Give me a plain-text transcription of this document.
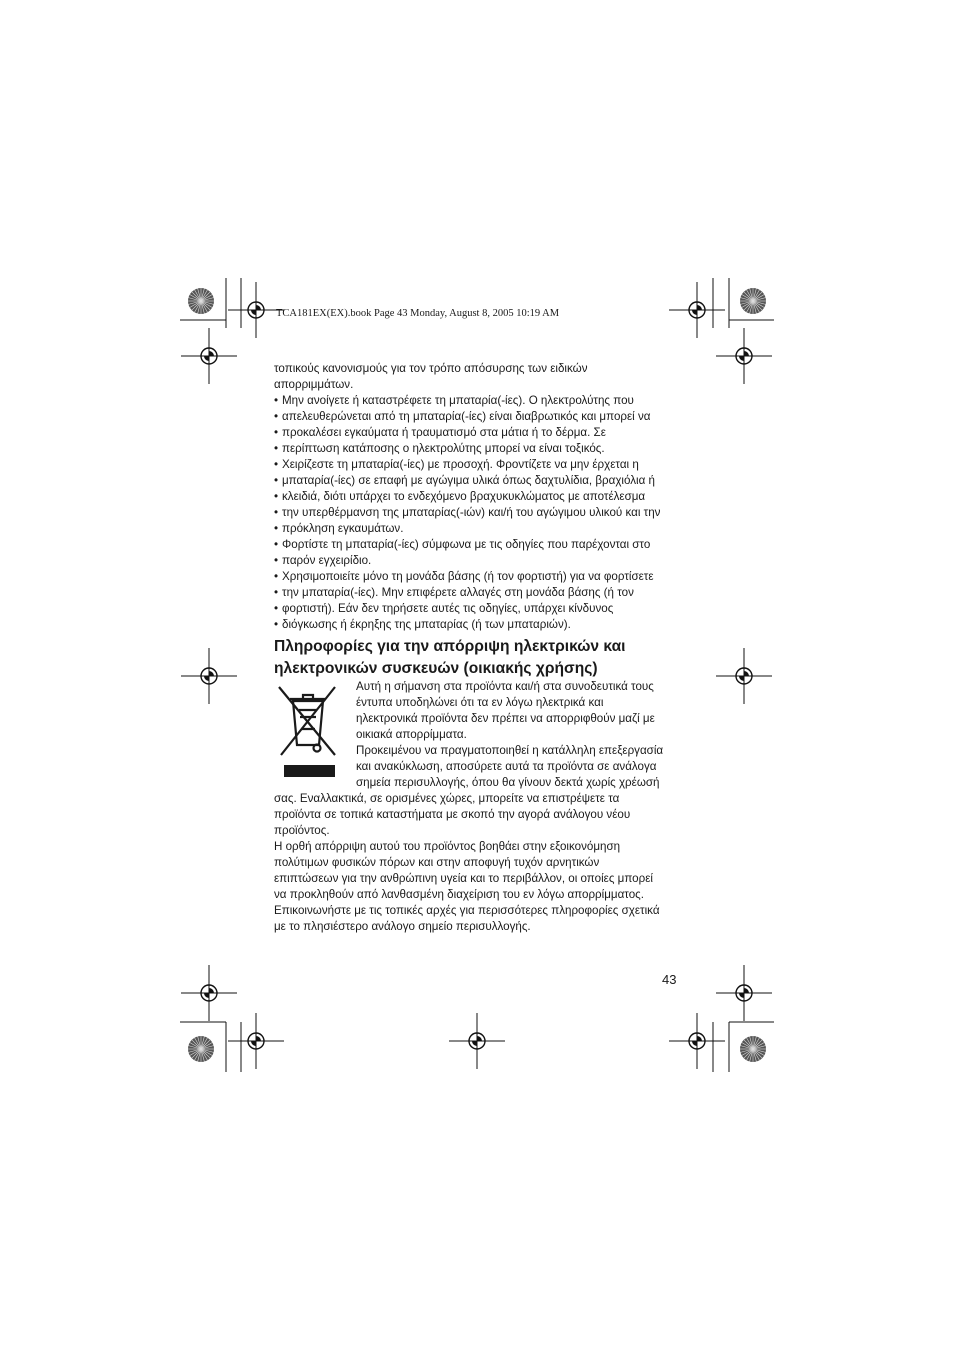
TCA181EX(EX).book Page 43 Monday, August 8, 2005 10:19 AM

τοπικούς κανονισμούς για τον τρόπο απόσυρσης των ειδικών

απορριμμάτων.

• Μην ανοίγετε ή καταστρέφετε τη μπαταρία(-ίες). Ο ηλεκτρολύτης που

• απελευθερώνεται από τη μπαταρία(-ίες) είναι διαβρωτικός και μπορεί να

• προκαλέσει εγκαύματα ή τραυματισμό στα μάτια ή το δέρμα. Σε

• περίπτωση κατάποσης ο ηλεκτρολύτης μπορεί να είναι τοξικός.

• Χειρίζεστε τη μπαταρία(-ίες) με προσοχή. Φροντίζετε να μην έρχεται η

• μπαταρία(-ίες) σε επαφή με αγώγιμα υλικά όπως δαχτυλίδια, βραχιόλια ή

• κλειδιά, διότι υπάρχει το ενδεχόμενο βραχυκυκλώματος με αποτέλεσμα

• την υπερθέρμανση της μπαταρίας(-ιών) και/ή του αγώγιμου υλικού και την

• πρόκληση εγκαυμάτων.

• Φορτίστε τη μπαταρία(-ίες) σύμφωνα με τις οδηγίες που παρέχονται στο

• παρόν εγχειρίδιο.

• Χρησιμοποιείτε μόνο τη μονάδα βάσης (ή τον φορτιστή) για να φορτίσετε

• την μπαταρία(-ίες). Μην επιφέρετε αλλαγές στη μονάδα βάσης (ή τον

• φορτιστή). Εάν δεν τηρήσετε αυτές τις οδηγίες, υπάρχει κίνδυνος

• διόγκωσης ή έκρηξης της μπαταρίας (ή των μπαταριών).

Πληροφορίες για την απόρριψη ηλεκτρικών και

ηλεκτρονικών συσκευών (οικιακής χρήσης)

Αυτή η σήμανση στα προϊόντα και/ή στα συνοδευτικά τους

έντυπα υποδηλώνει ότι τα εν λόγω ηλεκτρικά και

ηλεκτρονικά προϊόντα δεν πρέπει να απορριφθούν μαζί με

οικιακά απορρίμματα.

Προκειμένου να πραγματοποιηθεί η κατάλληλη επεξεργασία

και ανακύκλωση, αποσύρετε αυτά τα προϊόντα σε ανάλογα

σημεία περισυλλογής, όπου θα γίνουν δεκτά χωρίς χρέωσή

σας. Εναλλακτικά, σε ορισμένες χώρες, μπορείτε να επιστρέψετε τα

προϊόντα σε τοπικά καταστήματα με σκοπό την αγορά ανάλογου νέου

προϊόντος.

Η ορθή απόρριψη αυτού του προϊόντος βοηθάει στην εξοικονόμηση

πολύτιμων φυσικών πόρων και στην αποφυγή τυχόν αρνητικών

επιπτώσεων για την ανθρώπινη υγεία και το περιβάλλον, οι οποίες μπορεί

να προκληθούν από λανθασμένη διαχείριση του εν λόγω απορρίμματος.

Επικοινωνήστε με τις τοπικές αρχές για περισσότερες πληροφορίες σχετικά

με το πλησιέστερο ανάλογο σημείο περισυλλογής.

43
